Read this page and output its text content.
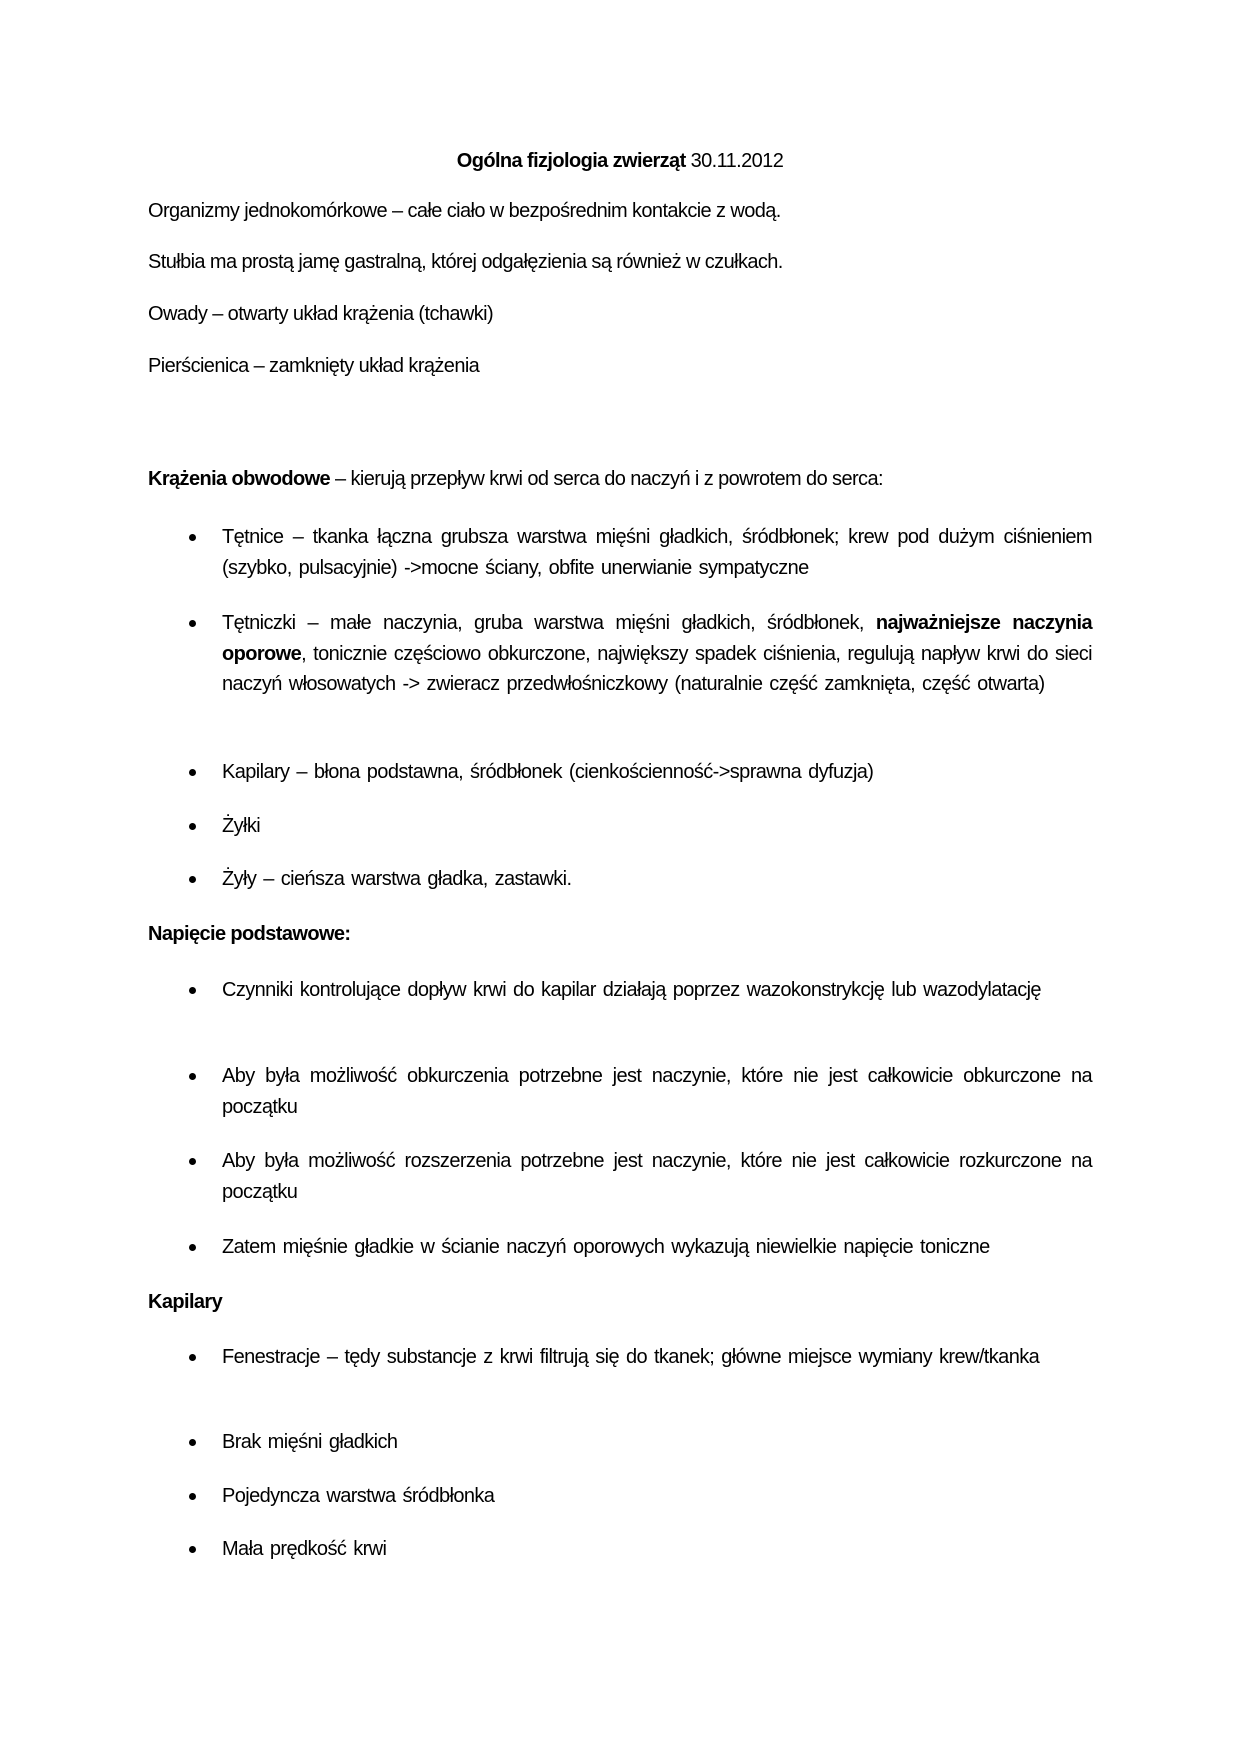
Ogólna fizjologia zwierząt 30.11.2012
Organizmy jednokomórkowe – całe ciało w bezpośrednim kontakcie z wodą.
Stułbia ma prostą jamę gastralną, której odgałęzienia są również w czułkach.
Owady – otwarty układ krążenia (tchawki)
Pierścienica – zamknięty układ krążenia
Krążenia obwodowe – kierują przepływ krwi od serca do naczyń i z powrotem do serca:
Tętnice – tkanka łączna grubsza warstwa mięśni gładkich, śródbłonek; krew pod dużym ciśnieniem (szybko, pulsacyjnie) ->mocne ściany, obfite unerwianie sympatyczne
Tętniczki – małe naczynia, gruba warstwa mięśni gładkich, śródbłonek, najważniejsze naczynia oporowe, tonicznie częściowo obkurczone, największy spadek ciśnienia, regulują napływ krwi do sieci naczyń włosowatych -> zwieracz przedwłośniczkowy (naturalnie część zamknięta, część otwarta)
Kapilary – błona podstawna, śródbłonek (cienkościenność->sprawna dyfuzja)
Żyłki
Żyły – cieńsza warstwa gładka, zastawki.
Napięcie podstawowe:
Czynniki kontrolujące dopływ krwi do kapilar działają poprzez wazokonstrykcję lub wazodylatację
Aby była możliwość obkurczenia potrzebne jest naczynie, które nie jest całkowicie obkurczone na początku
Aby była możliwość rozszerzenia potrzebne jest naczynie, które nie jest całkowicie rozkurczone na początku
Zatem mięśnie gładkie w ścianie naczyń oporowych wykazują niewielkie napięcie toniczne
Kapilary
Fenestracje – tędy substancje z krwi filtrują się do tkanek; główne miejsce wymiany krew/tkanka
Brak mięśni gładkich
Pojedyncza warstwa śródbłonka
Mała prędkość krwi
